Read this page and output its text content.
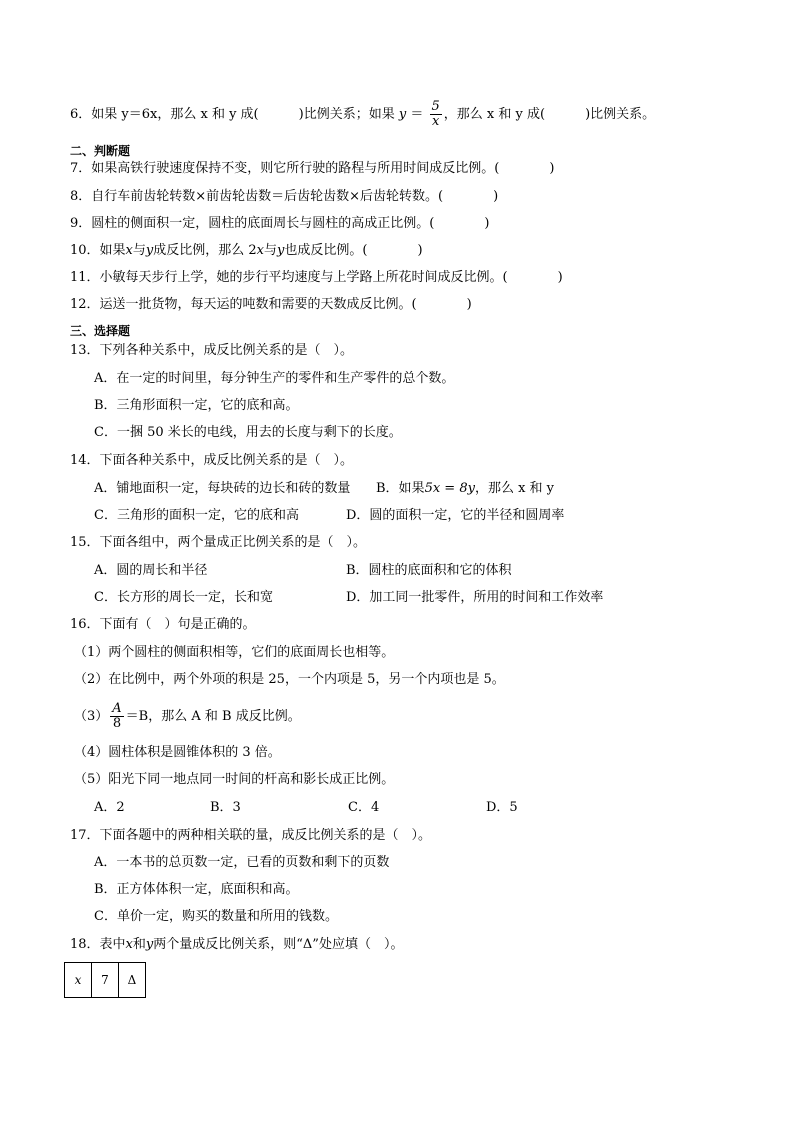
6．如果 y＝6x，那么 x 和 y 成(	)比例关系；如果 $y = \frac{5}{x}$ ，那么 x 和 y 成(	)比例关系。
二、判断题
7．如果高铁行驶速度保持不变，则它所行驶的路程与所用时间成反比例。(	)
8．自行车前齿轮转数×前齿轮齿数＝后齿轮齿数×后齿轮转数。(	)
9．圆柱的侧面积一定，圆柱的底面周长与圆柱的高成正比例。(	)
10．如果x与y成反比例，那么 2x与y也成反比例。(	)
11．小敏每天步行上学，她的步行平均速度与上学路上所花时间成反比例。(	)
12．运送一批货物，每天运的吨数和需要的天数成反比例。(	)
三、选择题
13．下列各种关系中，成反比例关系的是（　）。
A．在一定的时间里，每分钟生产的零件和生产零件的总个数。
B．三角形面积一定，它的底和高。
C．一捆 50 米长的电线，用去的长度与剩下的长度。
14．下面各种关系中，成反比例关系的是（　）。
A．铺地面积一定，每块砖的边长和砖的数量 B．如果5x = 8y，那么 x 和 y
C．三角形的面积一定，它的底和高	D．圆的面积一定，它的半径和圆周率
15．下面各组中，两个量成正比例关系的是（　）。
A．圆的周长和半径	B．圆柱的底面积和它的体积
C．长方形的周长一定，长和宽	D．加工同一批零件，所用的时间和工作效率
16．下面有（　）句是正确的。
（1）两个圆柱的侧面积相等，它们的底面周长也相等。
（2）在比例中，两个外项的积是 25，一个内项是 5，另一个内项也是 5。
$(3) \frac{A}{8} =B$，那么 A 和 B 成反比例。
（4）圆柱体积是圆锥体积的 3 倍。
（5）阳光下同一地点同一时间的杆高和影长成正比例。
A．2	B．3	C．4	D．5
17．下面各题中的两种相关联的量，成反比例关系的是（　）。
A．一本书的总页数一定，已看的页数和剩下的页数
B．正方体体积一定，底面积和高。
C．单价一定，购买的数量和所用的钱数。
18．表中x和y两个量成反比例关系，则“Δ”处应填（　）。
x	7	Δ
